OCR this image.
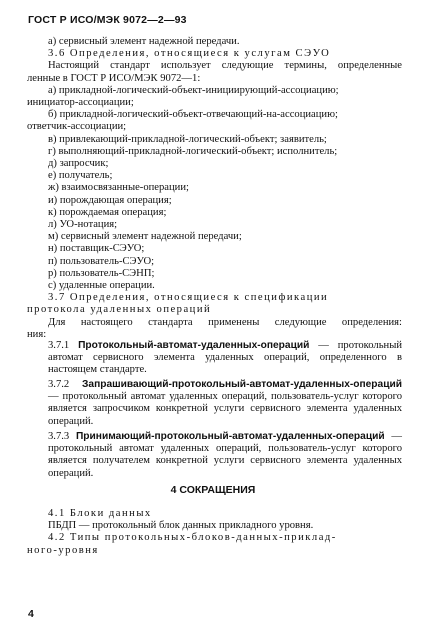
ГОСТ Р ИСО/МЭК 9072—2—93
а) сервисный элемент надежной передачи.
3.6 Определения, относящиеся к услугам СЭУО
Настоящий стандарт использует следующие термины, определенные
ленные в ГОСТ Р ИСО/МЭК 9072—1:
а) прикладной-логический-объект-инициирующий-ассоциацию;
инициатор-ассоциации;
б) прикладной-логический-объект-отвечающий-на-ассоциацию;
ответчик-ассоциации;
в) привлекающий-прикладной-логический-объект; заявитель;
г) выполняющий-прикладной-логический-объект; исполнитель;
д) запросчик;
е) получатель;
ж) взаимосвязанные-операции;
и) порождающая операция;
к) порождаемая операция;
л) УО-нотация;
м) сервисный элемент надежной передачи;
н) поставщик-СЭУО;
п) пользователь-СЭУО;
р) пользователь-СЭНП;
с) удаленные операции.
3.7 Определения, относящиеся к спецификации
протокола удаленных операций
Для настоящего стандарта применены следующие определения:
ния:
3.7.1 Протокольный-автомат-удаленных-операций — протокольный автомат сервисного элемента удаленных операций, определенного в настоящем стандарте.
3.7.2 Запрашивающий-протокольный-автомат-удаленных-операций — протокольный автомат удаленных операций, пользователь-услуг которого является запросчиком конкретной услуги сервисного элемента удаленных операций.
3.7.3 Принимающий-протокольный-автомат-удаленных-операций — протокольный автомат удаленных операций, пользователь-услуг которого является получателем конкретной услуги сервисного элемента удаленных операций.
4 СОКРАЩЕНИЯ
4.1 Блоки данных
ПБДП — протокольный блок данных прикладного уровня.
4.2 Типы протокольных-блоков-данных-приклад-
ного-уровня
4
